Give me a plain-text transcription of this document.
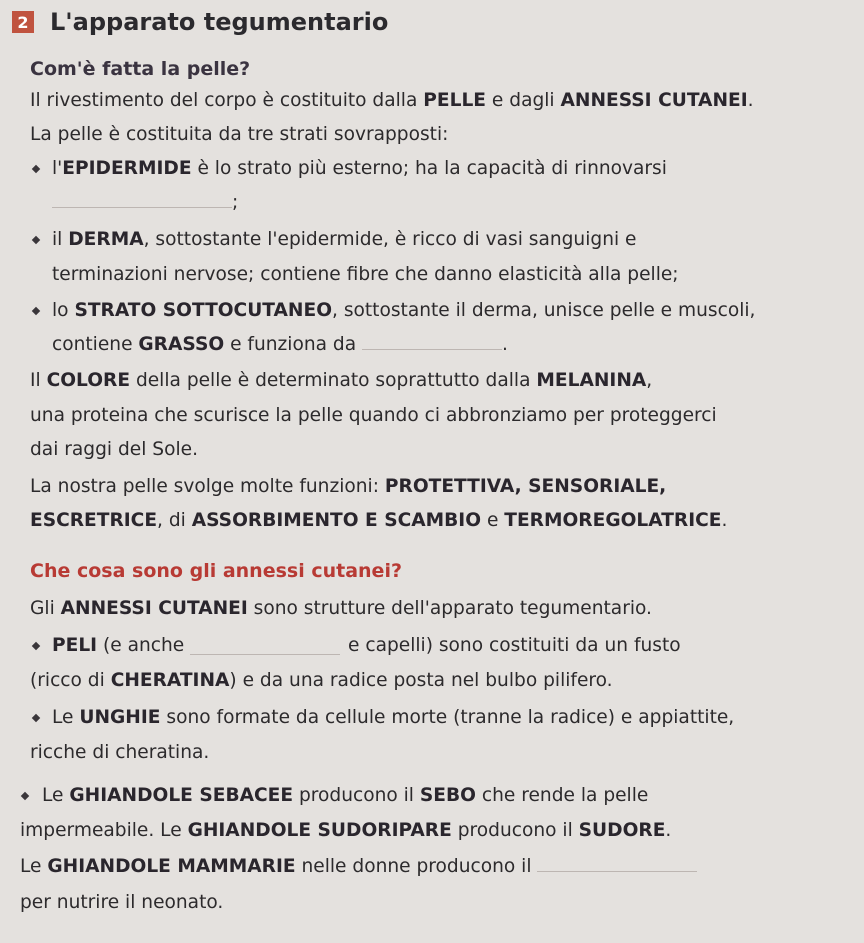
2 L'apparato tegumentario
Com'è fatta la pelle?
Il rivestimento del corpo è costituito dalla PELLE e dagli ANNESSI CUTANEI.
La pelle è costituita da tre strati sovrapposti:
l'EPIDERMIDE è lo strato più esterno; ha la capacità di rinnovarsi
;
il DERMA, sottostante l'epidermide, è ricco di vasi sanguigni e
terminazioni nervose; contiene fibre che danno elasticità alla pelle;
lo STRATO SOTTOCUTANEO, sottostante il derma, unisce pelle e muscoli,
contiene GRASSO e funziona da	.
Il COLORE della pelle è determinato soprattutto dalla MELANINA,
una proteina che scurisce la pelle quando ci abbronziamo per proteggerci
dai raggi del Sole.
La nostra pelle svolge molte funzioni: PROTETTIVA, SENSORIALE,
ESCRETRICE, di ASSORBIMENTO E SCAMBIO e TERMOREGOLATRICE.
Che cosa sono gli annessi cutanei?
Gli ANNESSI CUTANEI sono strutture dell'apparato tegumentario.
PELI (e anche	e capelli) sono costituiti da un fusto
(ricco di CHERATINA) e da una radice posta nel bulbo pilifero.
Le UNGHIE sono formate da cellule morte (tranne la radice) e appiattite,
ricche di cheratina.
Le GHIANDOLE SEBACEE producono il SEBO che rende la pelle
impermeabile. Le GHIANDOLE SUDORIPARE producono il SUDORE.
Le GHIANDOLE MAMMARIE nelle donne producono il
per nutrire il neonato.
